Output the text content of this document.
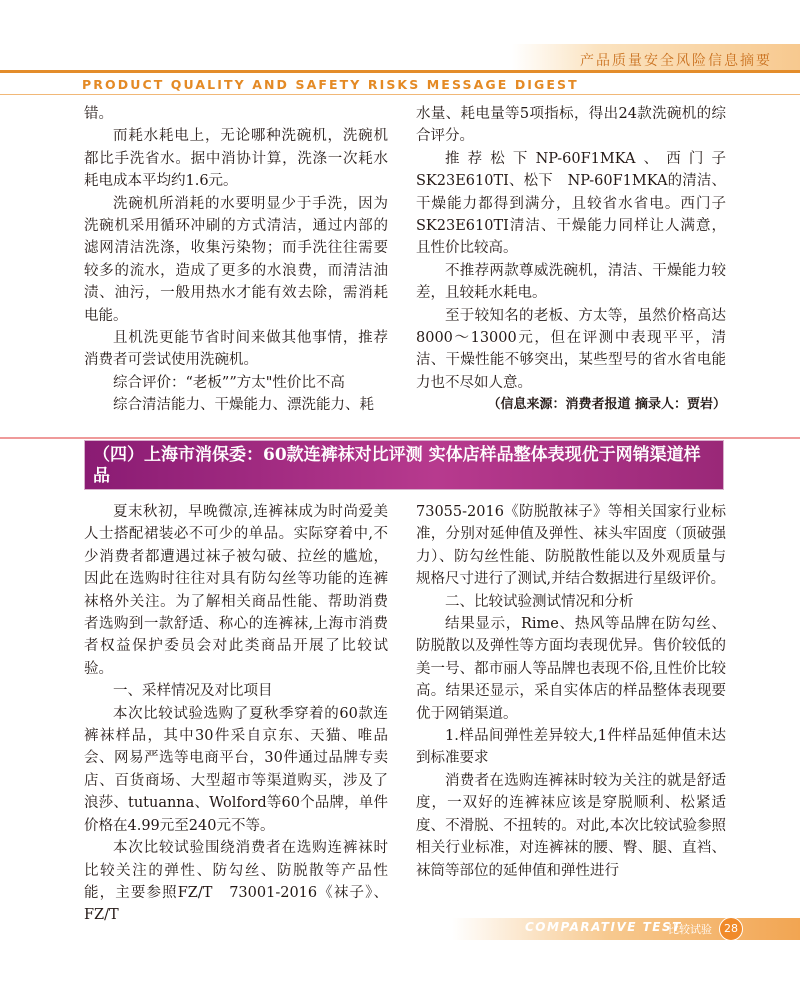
产品质量安全风险信息摘要
PRODUCT QUALITY AND SAFETY RISKS MESSAGE DIGEST

错。

而耗水耗电上，无论哪种洗碗机，洗碗机都比手洗省水。据中消协计算，洗涤一次耗水耗电成本平均约1.6元。

洗碗机所消耗的水要明显少于手洗，因为洗碗机采用循环冲刷的方式清洁，通过内部的滤网清洁洗涤，收集污染物；而手洗往往需要较多的流水，造成了更多的水浪费，而清洁油渍、油污，一般用热水才能有效去除，需消耗电能。

且机洗更能节省时间来做其他事情，推荐消费者可尝试使用洗碗机。

综合评价：“老板””方太"性价比不高

综合清洁能力、干燥能力、漂洗能力、耗

水量、耗电量等5项指标，得出24款洗碗机的综合评分。

推荐松下NP-60F1MKA、西门子SK23E610TI、松下　NP-60F1MKA的清洁、干燥能力都得到满分，且较省水省电。西门子SK23E610TI清洁、干燥能力同样让人满意，且性价比较高。

不推荐两款尊威洗碗机，清洁、干燥能力较差，且较耗水耗电。

至于较知名的老板、方太等，虽然价格高达8000～13000元，但在评测中表现平平，清洁、干燥性能不够突出，某些型号的省水省电能力也不尽如人意。

（信息来源：消费者报道 摘录人：贾岩）

（四）上海市消保委：60款连裤袜对比评测 实体店样品整体表现优于网销渠道样品

夏末秋初，早晚微凉,连裤袜成为时尚爱美人士搭配裙装必不可少的单品。实际穿着中,不少消费者都遭遇过袜子被勾破、拉丝的尴尬，因此在选购时往往对具有防勾丝等功能的连裤袜格外关注。为了解相关商品性能、帮助消费者选购到一款舒适、称心的连裤袜,上海市消费者权益保护委员会对此类商品开展了比较试验。

一、采样情况及对比项目

本次比较试验选购了夏秋季穿着的60款连裤袜样品，其中30件采自京东、天猫、唯品会、网易严选等电商平台，30件通过品牌专卖店、百货商场、大型超市等渠道购买，涉及了浪莎、tutuanna、Wolford等60个品牌，单件价格在4.99元至240元不等。

本次比较试验围绕消费者在选购连裤袜时比较关注的弹性、防勾丝、防脱散等产品性能，主要参照FZ/T　73001-2016《袜子》、FZ/T

73055-2016《防脱散袜子》等相关国家行业标准，分别对延伸值及弹性、袜头牢固度（顶破强力）、防勾丝性能、防脱散性能以及外观质量与规格尺寸进行了测试,并结合数据进行星级评价。

二、比较试验测试情况和分析

结果显示，Rime、热风等品牌在防勾丝、防脱散以及弹性等方面均表现优异。售价较低的美一号、都市丽人等品牌也表现不俗,且性价比较高。结果还显示，采自实体店的样品整体表现要优于网销渠道。

1.样品间弹性差异较大,1件样品延伸值未达到标准要求

消费者在选购连裤袜时较为关注的就是舒适度，一双好的连裤袜应该是穿脱顺利、松紧适度、不滑脱、不扭转的。对此,本次比较试验参照相关行业标准，对连裤袜的腰、臀、腿、直裆、袜筒等部位的延伸值和弹性进行

COMPARATIVE TEST
比较试验	28
